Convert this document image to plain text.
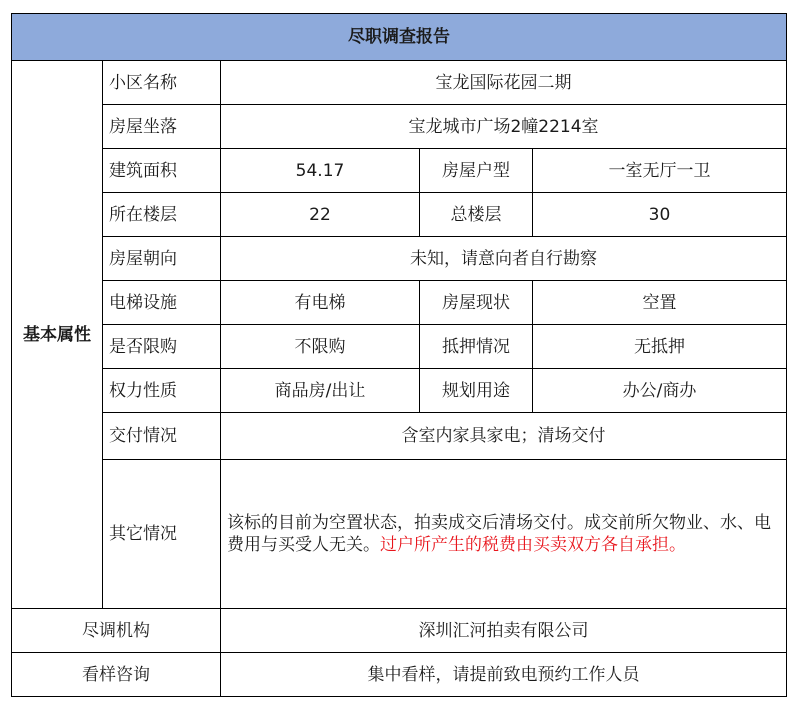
尽职调查报告				
基本属性	小区名称	宝龙国际花园二期		
	房屋坐落	宝龙城市广场2幢2214室		
	建筑面积	54.17	房屋户型	一室无厅一卫
	所在楼层	22	总楼层	30
	房屋朝向	未知，请意向者自行勘察		
	电梯设施	有电梯	房屋现状	空置
	是否限购	不限购	抵押情况	无抵押
	权力性质	商品房/出让	规划用途	办公/商办
	交付情况	含室内家具家电；清场交付		
	其它情况	该标的目前为空置状态，拍卖成交后清场交付。成交前所欠物业、水、电费用与买受人无关。过户所产生的税费由买卖双方各自承担。		
尽调机构		深圳汇河拍卖有限公司		
看样咨询		集中看样，请提前致电预约工作人员		
